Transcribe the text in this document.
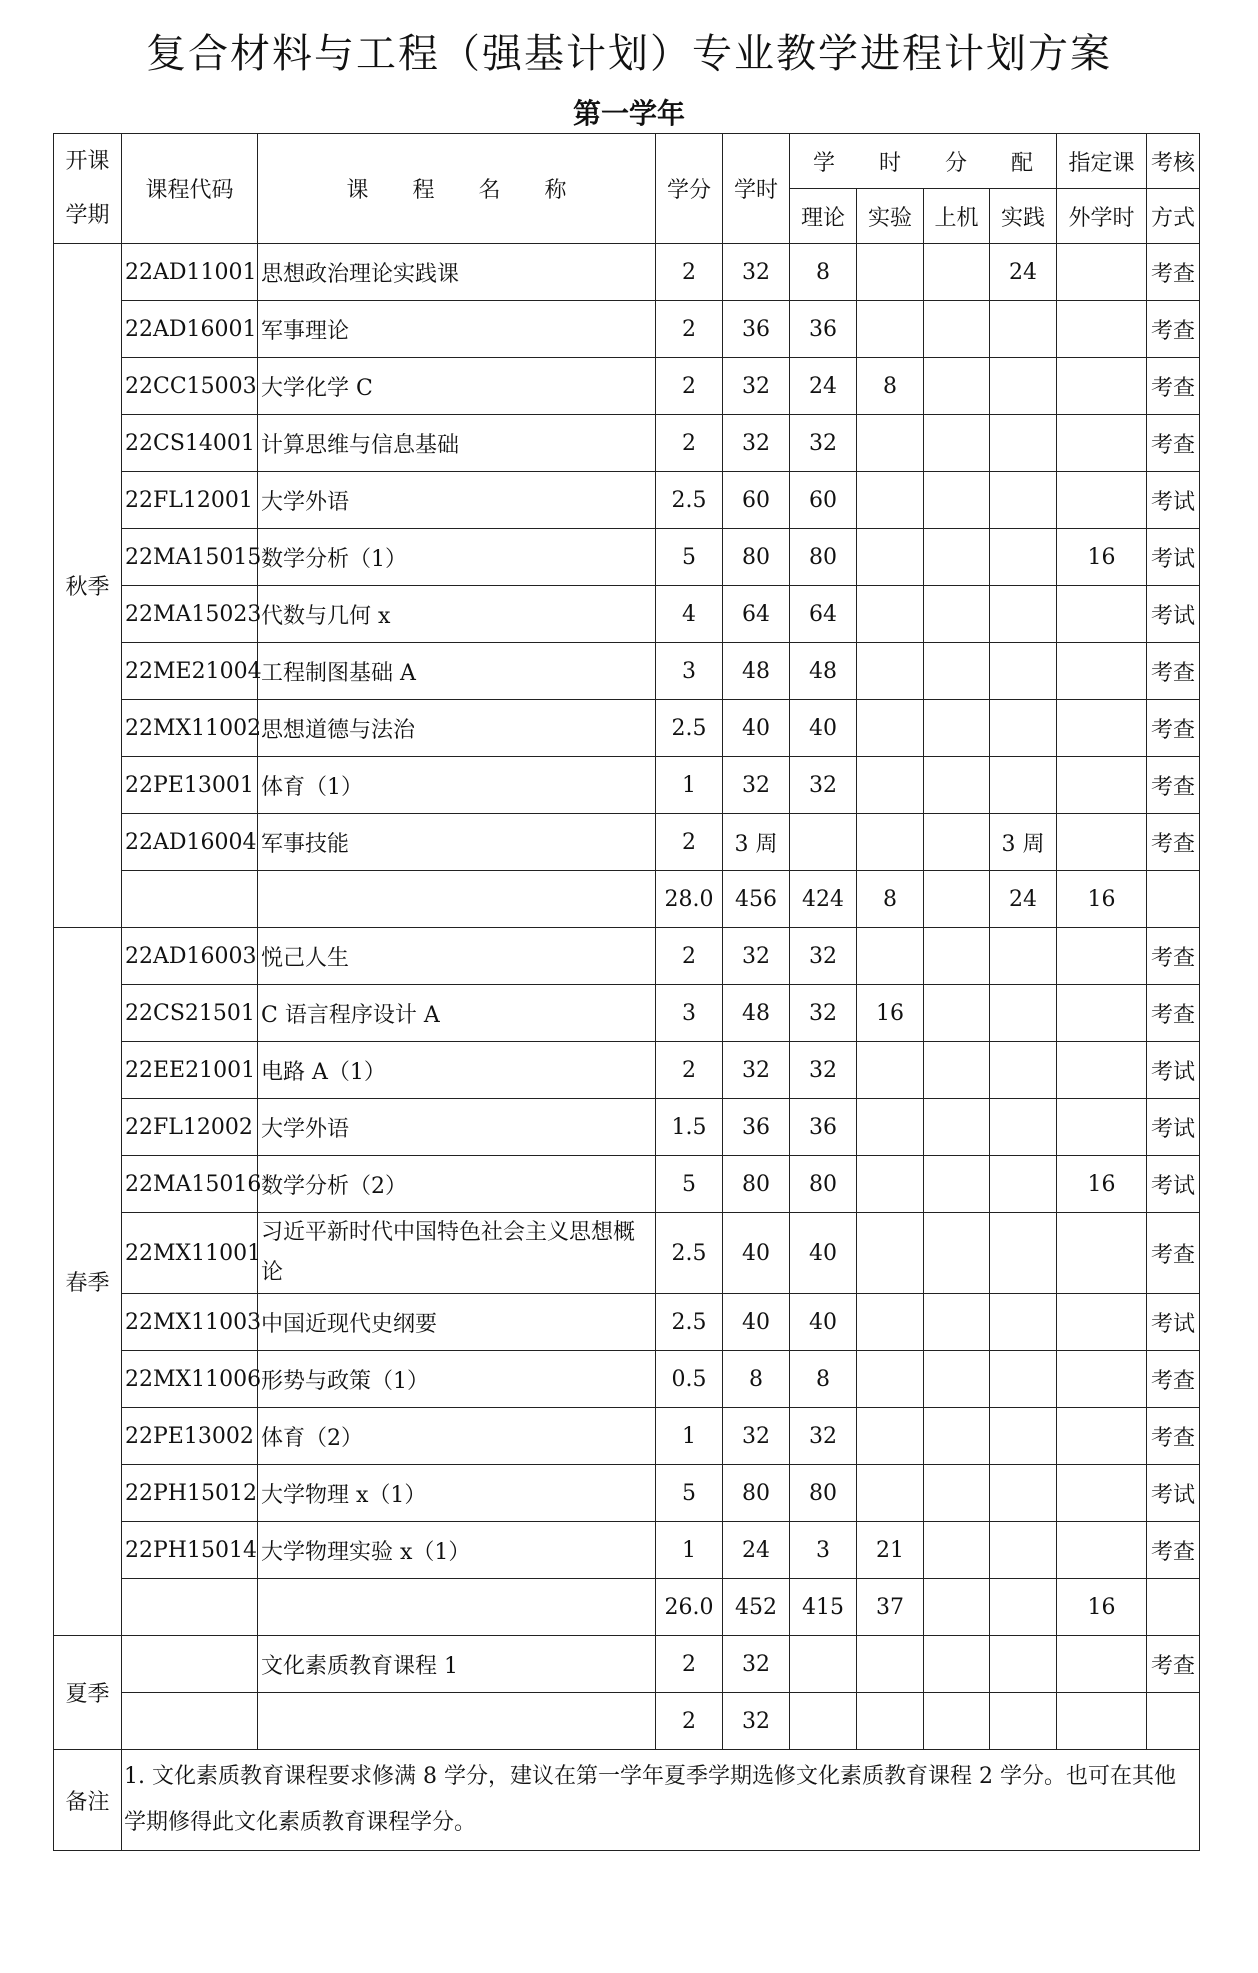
复合材料与工程（强基计划）专业教学进程计划方案
第一学年
开课
学期	课程代码	课　　程　　名　　称	学分	学时	学　　时　　分　　配				指定课	考核
					理论	实验	上机	实践	外学时	方式
秋季	22AD11001	思想政治理论实践课	2	32	8			24		考查
	22AD16001	军事理论	2	36	36					考查
	22CC15003	大学化学 C	2	32	24	8				考查
	22CS14001	计算思维与信息基础	2	32	32					考查
	22FL12001	大学外语	2.5	60	60					考试
	22MA15015	数学分析（1）	5	80	80				16	考试
	22MA15023	代数与几何 x	4	64	64					考试
	22ME21004	工程制图基础 A	3	48	48					考查
	22MX11002	思想道德与法治	2.5	40	40					考查
	22PE13001	体育（1）	1	32	32					考查
	22AD16004	军事技能	2	3 周				3 周		考查
			28.0	456	424	8		24	16	
春季	22AD16003	悦己人生	2	32	32					考查
	22CS21501	C 语言程序设计 A	3	48	32	16				考查
	22EE21001	电路 A（1）	2	32	32					考试
	22FL12002	大学外语	1.5	36	36					考试
	22MA15016	数学分析（2）	5	80	80				16	考试
	22MX11001	习近平新时代中国特色社会主义思想概论	2.5	40	40					考查
	22MX11003	中国近现代史纲要	2.5	40	40					考试
	22MX11006	形势与政策（1）	0.5	8	8					考查
	22PE13002	体育（2）	1	32	32					考查
	22PH15012	大学物理 x（1）	5	80	80					考试
	22PH15014	大学物理实验 x（1）	1	24	3	21				考查
			26.0	452	415	37			16	
夏季		文化素质教育课程 1	2	32						考查
			2	32						
备注	1. 文化素质教育课程要求修满 8 学分，建议在第一学年夏季学期选修文化素质教育课程 2 学分。也可在其他学期修得此文化素质教育课程学分。									
